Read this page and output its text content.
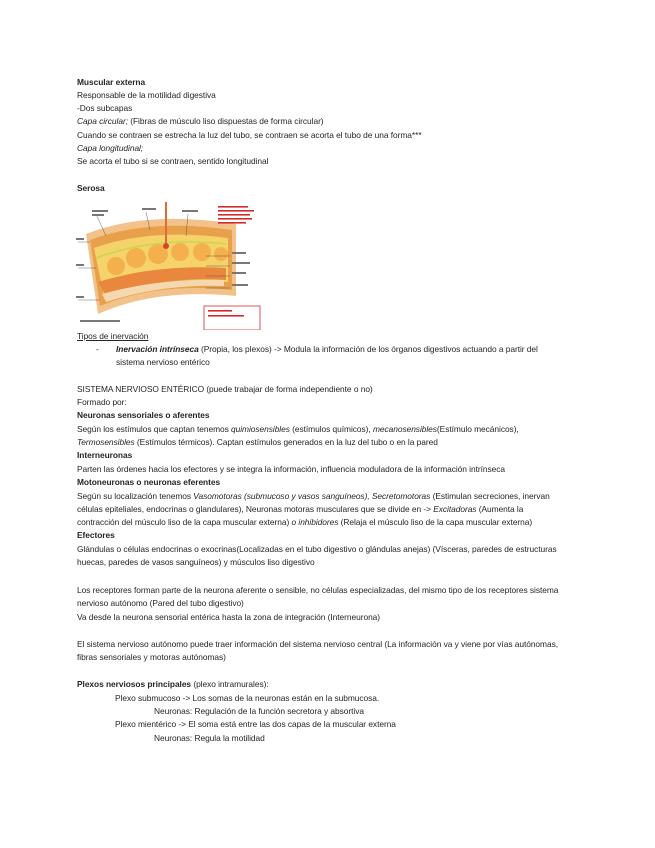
Muscular externa
Responsable de la motilidad digestiva
-Dos subcapas
Capa circular; (Fibras de músculo liso dispuestas de forma circular)
Cuando se contraen se estrecha la luz del tubo, se contraen se acorta el tubo de una forma***
Capa longitudinal;
Se acorta el tubo si se contraen, sentido longitudinal
Serosa
Tipos de inervación
- Inervación intrínseca (Propia, los plexos) -> Modula la información de los órganos digestivos actuando a partir del
sistema nervioso entérico
SISTEMA NERVIOSO ENTÉRICO (puede trabajar de forma independiente o no)
Formado por:
Neuronas sensoriales o aferentes
Según los estímulos que captan tenemos quimiosensibles (estímulos químicos), mecanosensibles(Estímulo mecánicos),
Termosensibles (Estímulos térmicos). Captan estímulos generados en la luz del tubo o en la pared
Interneuronas
Parten las órdenes hacia los efectores y se integra la información, influencia moduladora de la información intrínseca
Motoneuronas o neuronas eferentes
Según su localización tenemos Vasomotoras (submucoso y vasos sanguíneos), Secretomotoras (Estimulan secreciones, inervan
células epiteliales, endocrinas o glandulares), Neuronas motoras musculares que se divide en -> Excitadoras (Aumenta la
contracción del músculo liso de la capa muscular externa) o inhibidores (Relaja el músculo liso de la capa muscular externa)
Efectores
Glándulas o células endocrinas o exocrinas(Localizadas en el tubo digestivo o glándulas anejas) (Vísceras, paredes de estructuras
huecas, paredes de vasos sanguíneos) y músculos liso digestivo
Los receptores forman parte de la neurona aferente o sensible, no células especializadas, del mismo tipo de los receptores sistema
nervioso autónomo (Pared del tubo digestivo)
Va desde la neurona sensorial entérica hasta la zona de integración (Interneurona)
El sistema nervioso autónomo puede traer información del sistema nervioso central (La información va y viene por vías autónomas,
fibras sensoriales y motoras autónomas)
Plexos nerviosos principales (plexo intramurales):
Plexo submucoso -> Los somas de la neuronas están en la submucosa.
Neuronas: Regulación de la función secretora y absortiva
Plexo mientérico -> El soma está entre las dos capas de la muscular externa
Neuronas: Regula la motilidad
